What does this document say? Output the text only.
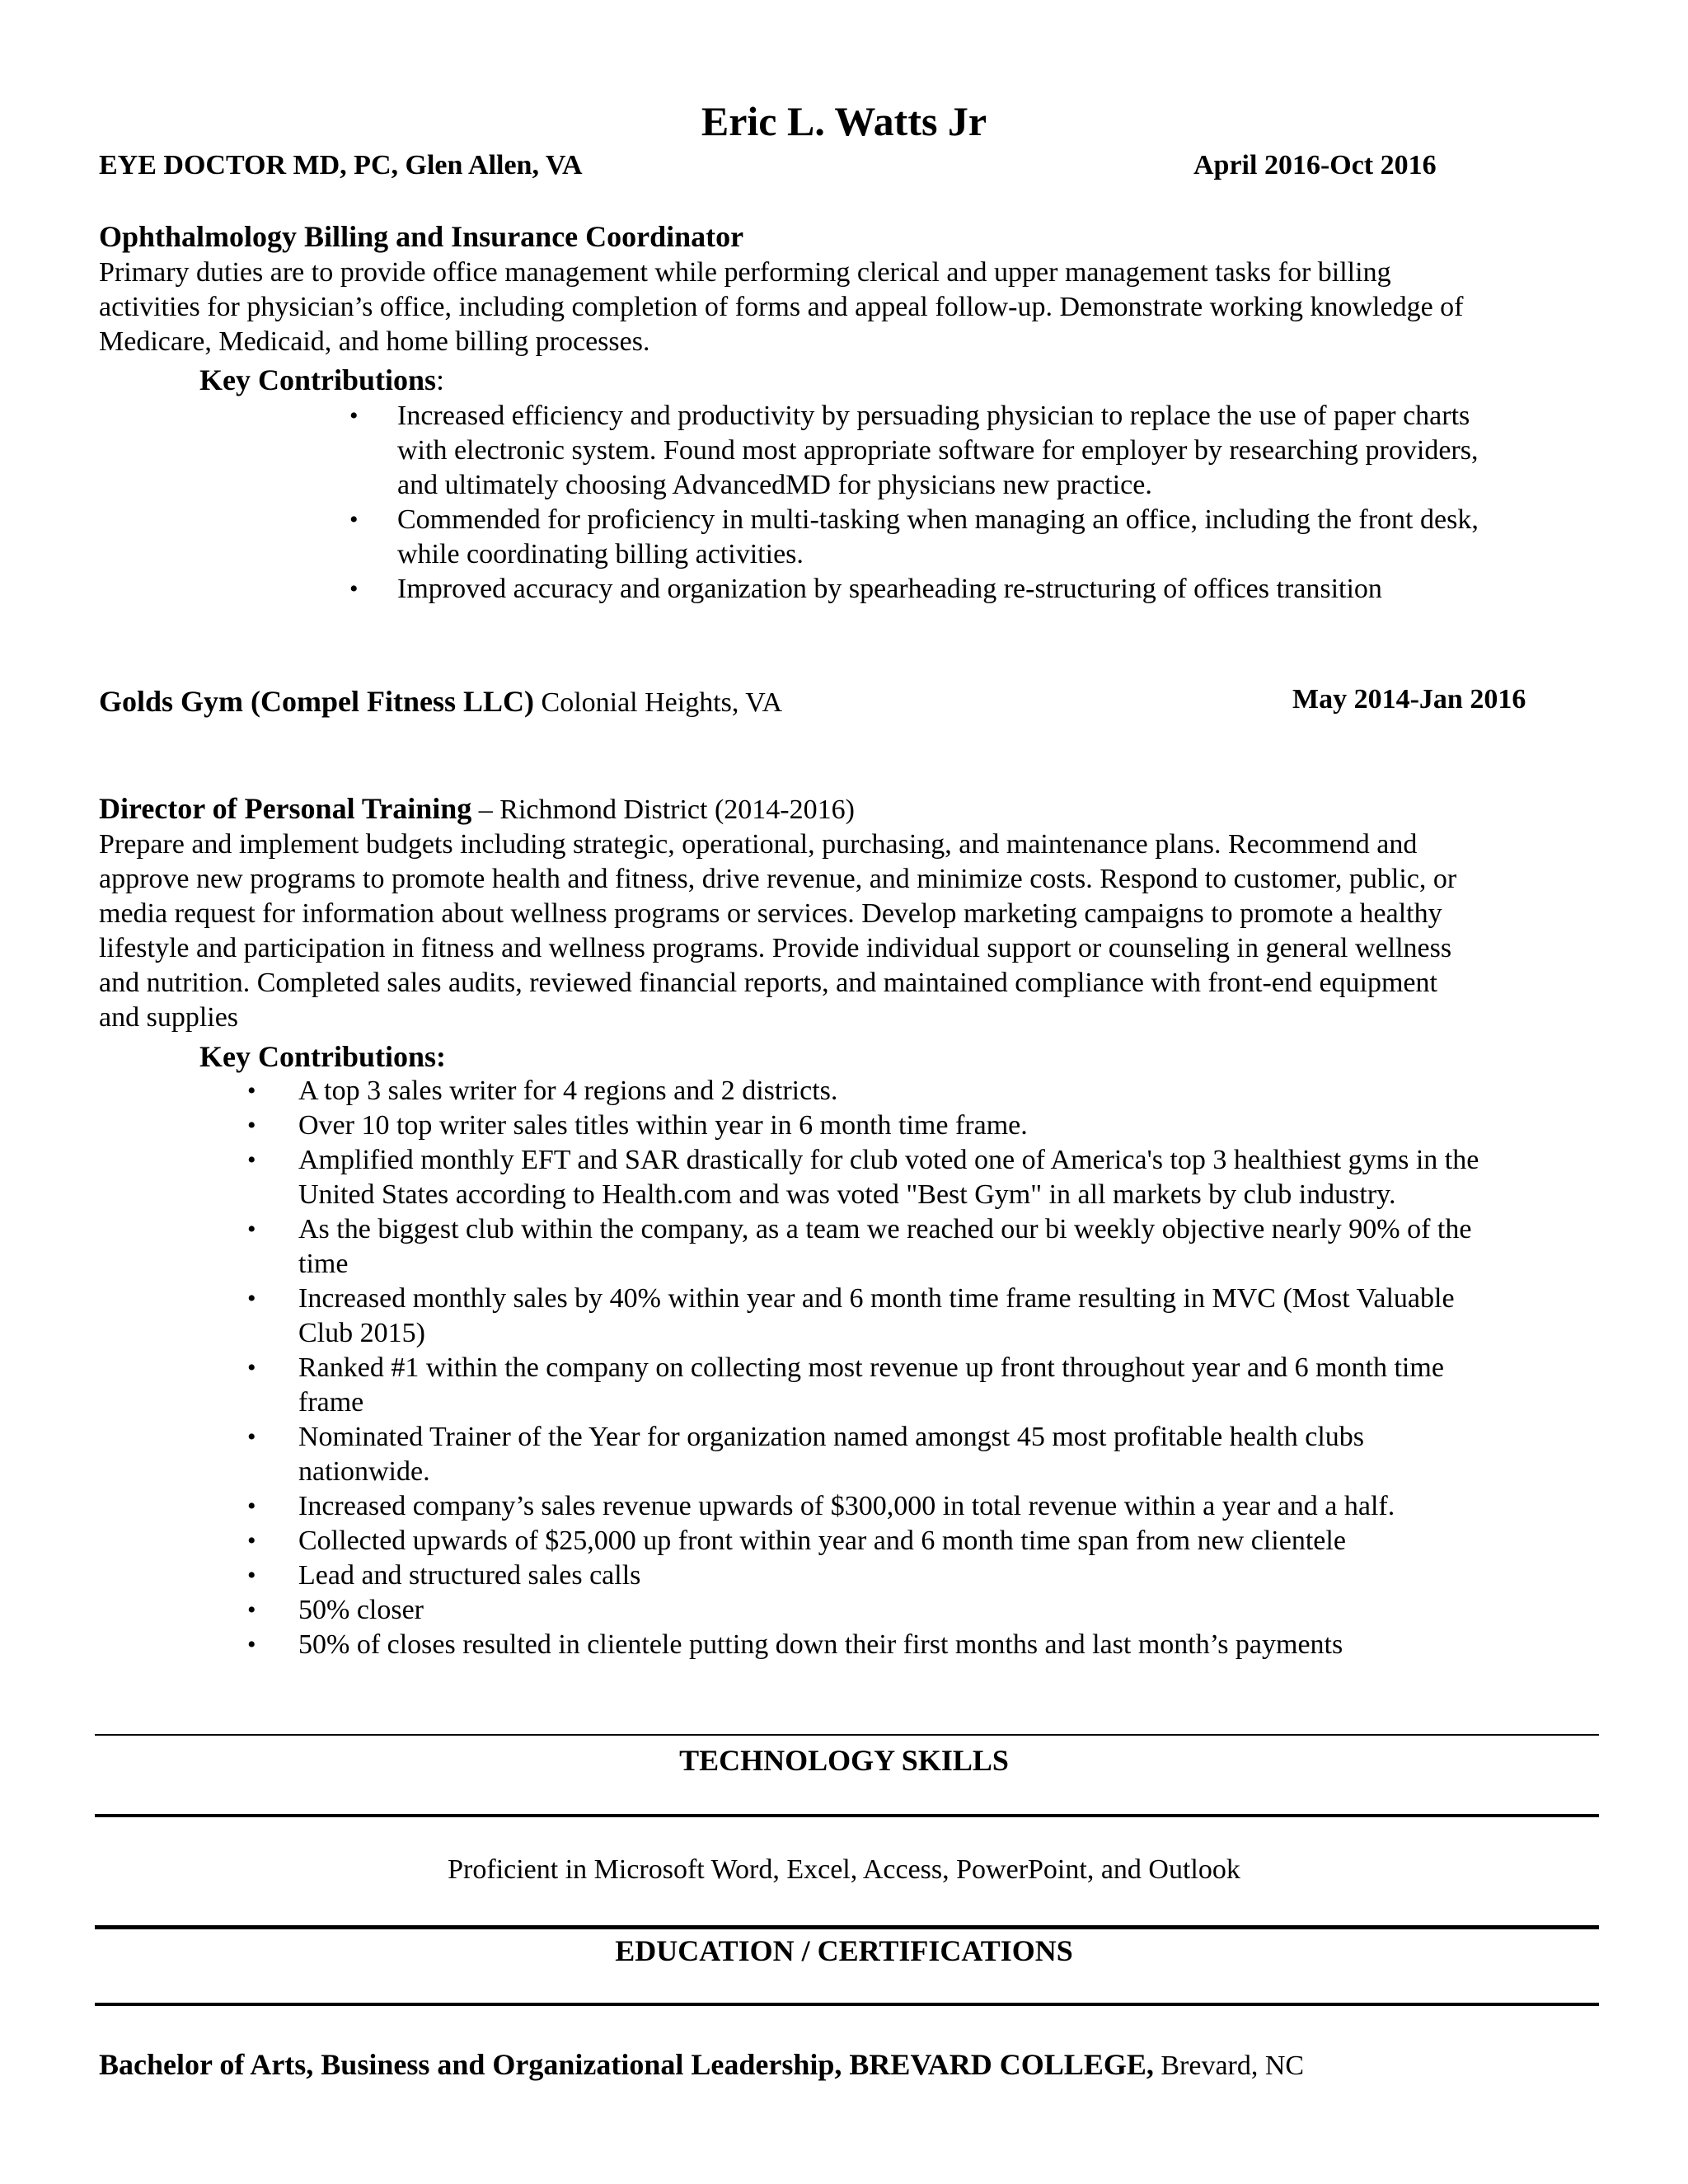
Eric L. Watts Jr
EYE DOCTOR MD, PC, Glen Allen, VA	April 2016-Oct 2016
Ophthalmology Billing and Insurance Coordinator

Primary duties are to provide office management while performing clerical and upper management tasks for billing

activities for physician’s office, including completion of forms and appeal follow-up. Demonstrate working knowledge of

Medicare, Medicaid, and home billing processes.

Key Contributions:
• Increased efficiency and productivity by persuading physician to replace the use of paper charts
with electronic system. Found most appropriate software for employer by researching providers,
and ultimately choosing AdvancedMD for physicians new practice.
• Commended for proficiency in multi-tasking when managing an office, including the front desk,
while coordinating billing activities.
• Improved accuracy and organization by spearheading re-structuring of offices transition
Golds Gym (Compel Fitness LLC) Colonial Heights, VA	May 2014-Jan 2016
Director of Personal Training – Richmond District (2014-2016)

Prepare and implement budgets including strategic, operational, purchasing, and maintenance plans. Recommend and

approve new programs to promote health and fitness, drive revenue, and minimize costs. Respond to customer, public, or

media request for information about wellness programs or services. Develop marketing campaigns to promote a healthy

lifestyle and participation in fitness and wellness programs. Provide individual support or counseling in general wellness

and nutrition. Completed sales audits, reviewed financial reports, and maintained compliance with front-end equipment

and supplies

Key Contributions:
• A top 3 sales writer for 4 regions and 2 districts.
• Over 10 top writer sales titles within year in 6 month time frame.
• Amplified monthly EFT and SAR drastically for club voted one of America's top 3 healthiest gyms in the
United States according to Health.com and was voted "Best Gym" in all markets by club industry.
• As the biggest club within the company, as a team we reached our bi weekly objective nearly 90% of the
time
• Increased monthly sales by 40% within year and 6 month time frame resulting in MVC (Most Valuable
Club 2015)
• Ranked #1 within the company on collecting most revenue up front throughout year and 6 month time
frame
• Nominated Trainer of the Year for organization named amongst 45 most profitable health clubs
nationwide.
• Increased company’s sales revenue upwards of $300,000 in total revenue within a year and a half.
• Collected upwards of $25,000 up front within year and 6 month time span from new clientele
• Lead and structured sales calls
• 50% closer
• 50% of closes resulted in clientele putting down their first months and last month’s payments
TECHNOLOGY SKILLS
Proficient in Microsoft Word, Excel, Access, PowerPoint, and Outlook
EDUCATION / CERTIFICATIONS
Bachelor of Arts, Business and Organizational Leadership, BREVARD COLLEGE, Brevard, NC
